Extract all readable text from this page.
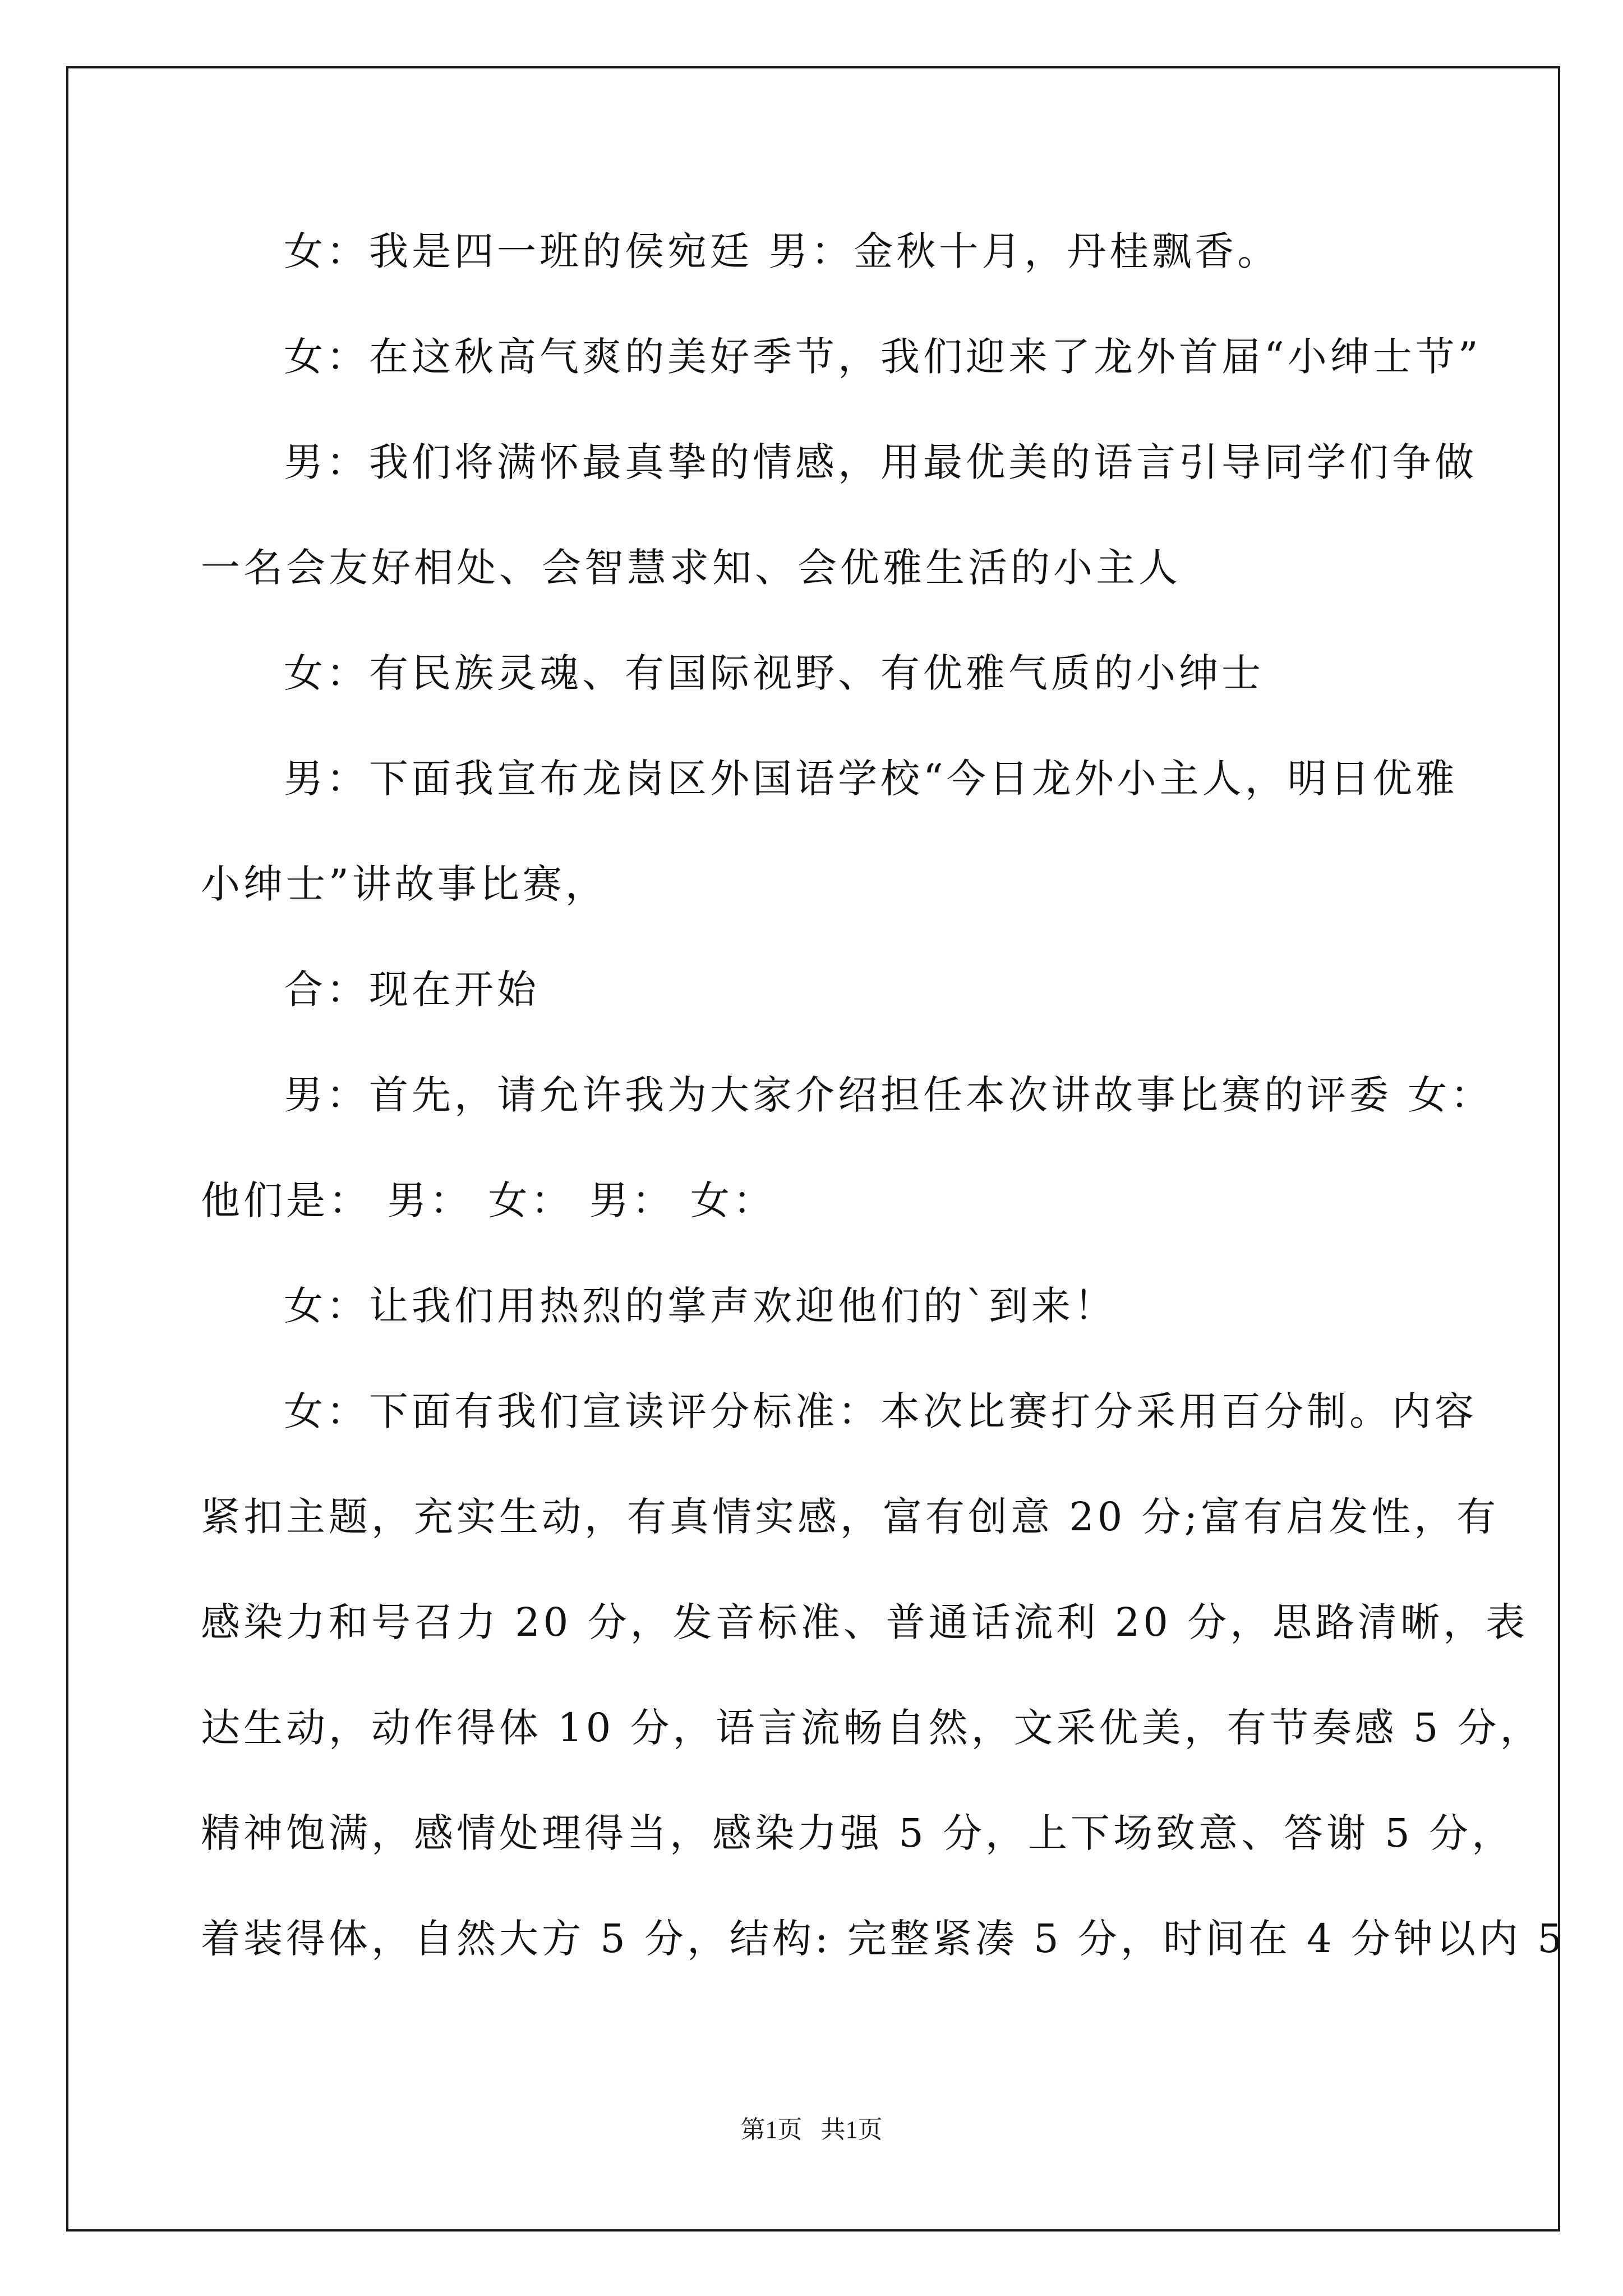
女：我是四一班的侯宛廷 男：金秋十月，丹桂飘香。
女：在这秋高气爽的美好季节，我们迎来了龙外首届“小绅士节”
男：我们将满怀最真挚的情感，用最优美的语言引导同学们争做
一名会友好相处、会智慧求知、会优雅生活的小主人
女：有民族灵魂、有国际视野、有优雅气质的小绅士
男：下面我宣布龙岗区外国语学校“今日龙外小主人，明日优雅
小绅士”讲故事比赛，
合：现在开始
男：首先，请允许我为大家介绍担任本次讲故事比赛的评委 女：
他们是： 男： 女： 男： 女：
女：让我们用热烈的掌声欢迎他们的`到来！
女：下面有我们宣读评分标准：本次比赛打分采用百分制。内容
紧扣主题，充实生动，有真情实感，富有创意 20 分;富有启发性，有
感染力和号召力 20 分，发音标准、普通话流利 20 分，思路清晰，表
达生动，动作得体 10 分，语言流畅自然，文采优美，有节奏感 5 分，
精神饱满，感情处理得当，感染力强 5 分，上下场致意、答谢 5 分，
着装得体，自然大方 5 分，结构: 完整紧凑 5 分，时间在 4 分钟以内 5
第1页   共1页
